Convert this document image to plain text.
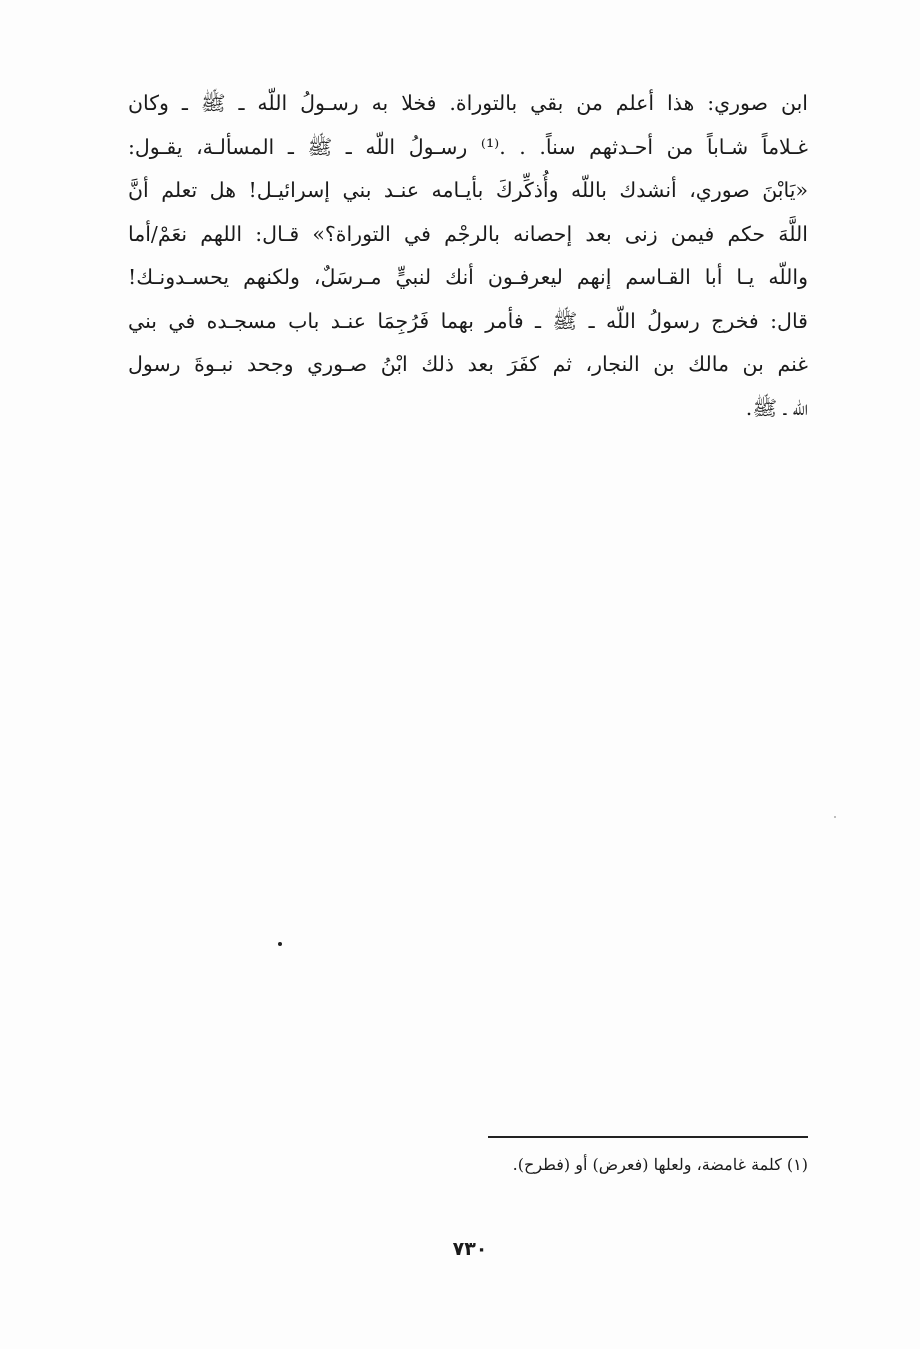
ابن صوري: هذا أعلم من بقي بالتوراة. فخلا به رسـولُ اللّه ـ ﷺ ـ وكان
غـلاماً شـاباً من أحـدثهم سناً. . .⁽¹⁾ رسـولُ اللّه ـ ﷺ ـ المسألـة، يقـول:
«يَابْنَ صوري، أنشدك باللّه وأُذكِّركَ بأيـامه عنـد بني إسرائيـل! هل تعلم أنَّ
اللَّهَ حكم فيمن زنى بعد إحصانه بالرجْم في التوراة؟» قـال: اللهم نعَمْ/أما
واللّه يـا أبا القـاسم إنهم ليعرفـون أنك لنبيٍّ مـرسَلٌ، ولكنهم يحسـدونـك!
قال: فخرج رسولُ اللّه ـ ﷺ ـ فأمر بهما فَرُجِمَا عنـد باب مسجـده في بني
غنم بن مالك بن النجار، ثم كفَرَ بعد ذلك ابْنُ صـوري وجحد نبـوةَ رسول
اللّه ـ ﷺ.
(١) كلمة غامضة، ولعلها (فعرض) أو (فطرح).
٧٣٠
